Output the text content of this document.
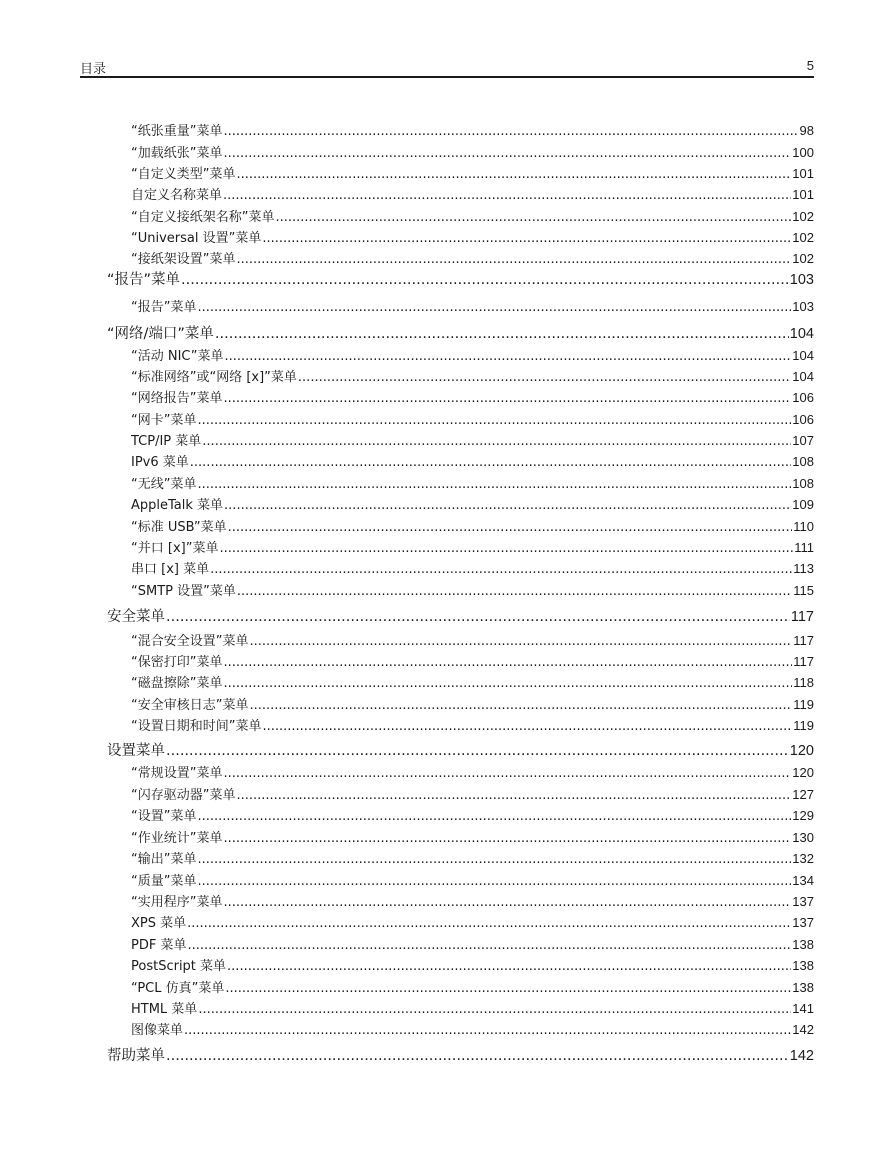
目录	5
“纸张重量”菜单 .....	98
“加载纸张”菜单 .....	100
“自定义类型”菜单 .....	101
自定义名称菜单 .....	101
“自定义接纸架名称”菜单 .....	102
“Universal 设置”菜单 .....	102
“接纸架设置”菜单 .....	102
“报告”菜单 .....	103
“报告”菜单 .....	103
“网络/端口”菜单 .....	104
“活动 NIC”菜单 .....	104
“标准网络”或“网络 [x]”菜单 .....	104
“网络报告”菜单 .....	106
“网卡”菜单 .....	106
TCP/IP 菜单 .....	107
IPv6 菜单 .....	108
“无线”菜单 .....	108
AppleTalk 菜单 .....	109
“标准 USB”菜单 .....	110
“并口 [x]”菜单 .....	111
串口 [x] 菜单 .....	113
“SMTP 设置”菜单 .....	115
安全菜单 .....	117
“混合安全设置”菜单 .....	117
“保密打印”菜单 .....	117
“磁盘擦除”菜单 .....	118
“安全审核日志”菜单 .....	119
“设置日期和时间”菜单 .....	119
设置菜单 .....	120
“常规设置”菜单 .....	120
“闪存驱动器”菜单 .....	127
“设置”菜单 .....	129
“作业统计”菜单 .....	130
“输出”菜单 .....	132
“质量”菜单 .....	134
“实用程序”菜单 .....	137
XPS 菜单 .....	137
PDF 菜单 .....	138
PostScript 菜单 .....	138
“PCL 仿真”菜单 .....	138
HTML 菜单 .....	141
图像菜单 .....	142
帮助菜单 .....	142
